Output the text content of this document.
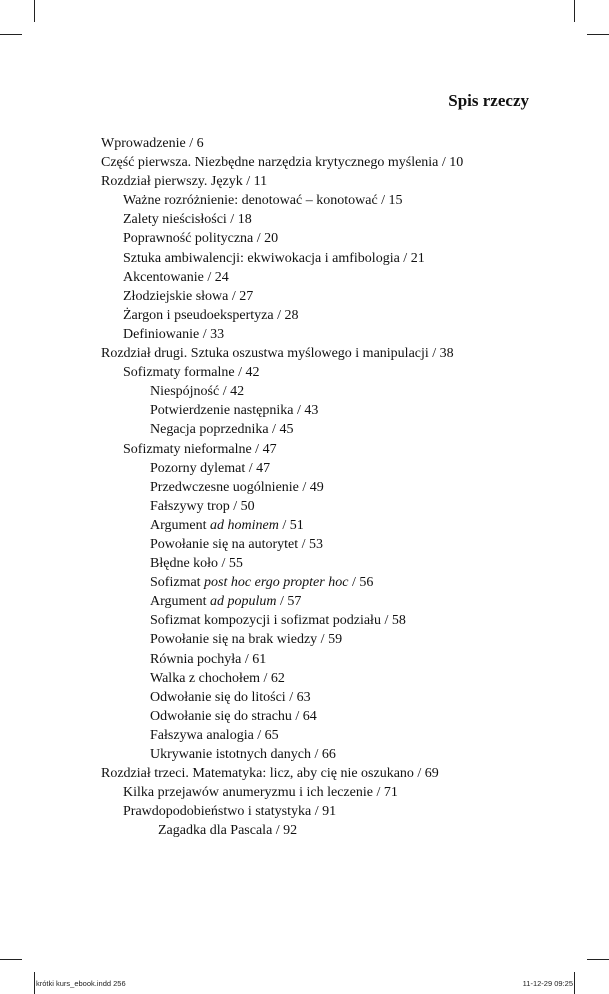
Spis rzeczy
Wprowadzenie / 6
Część pierwsza. Niezbędne narzędzia krytycznego myślenia / 10
Rozdział pierwszy. Język / 11
Ważne rozróżnienie: denotować – konotować / 15
Zalety nieścisłości / 18
Poprawność polityczna / 20
Sztuka ambiwalencji: ekwiwokacja i amfibologia / 21
Akcentowanie / 24
Złodziejskie słowa / 27
Żargon i pseudoekspertyza / 28
Definiowanie / 33
Rozdział drugi. Sztuka oszustwa myślowego i manipulacji / 38
Sofizmaty formalne / 42
Niespójność / 42
Potwierdzenie następnika / 43
Negacja poprzednika / 45
Sofizmaty nieformalne / 47
Pozorny dylemat / 47
Przedwczesne uogólnienie / 49
Fałszywy trop / 50
Argument ad hominem / 51
Powołanie się na autorytet / 53
Błędne koło / 55
Sofizmat post hoc ergo propter hoc / 56
Argument ad populum / 57
Sofizmat kompozycji i sofizmat podziału / 58
Powołanie się na brak wiedzy / 59
Równia pochyła / 61
Walka z chochołem / 62
Odwołanie się do litości / 63
Odwołanie się do strachu / 64
Fałszywa analogia / 65
Ukrywanie istotnych danych / 66
Rozdział trzeci. Matematyka: licz, aby cię nie oszukano / 69
Kilka przejawów anumeryzmu i ich leczenie / 71
Prawdopodobieństwo i statystyka / 91
Zagadka dla Pascala / 92
krótki kurs_ebook.indd 256	11-12-29 09:25
